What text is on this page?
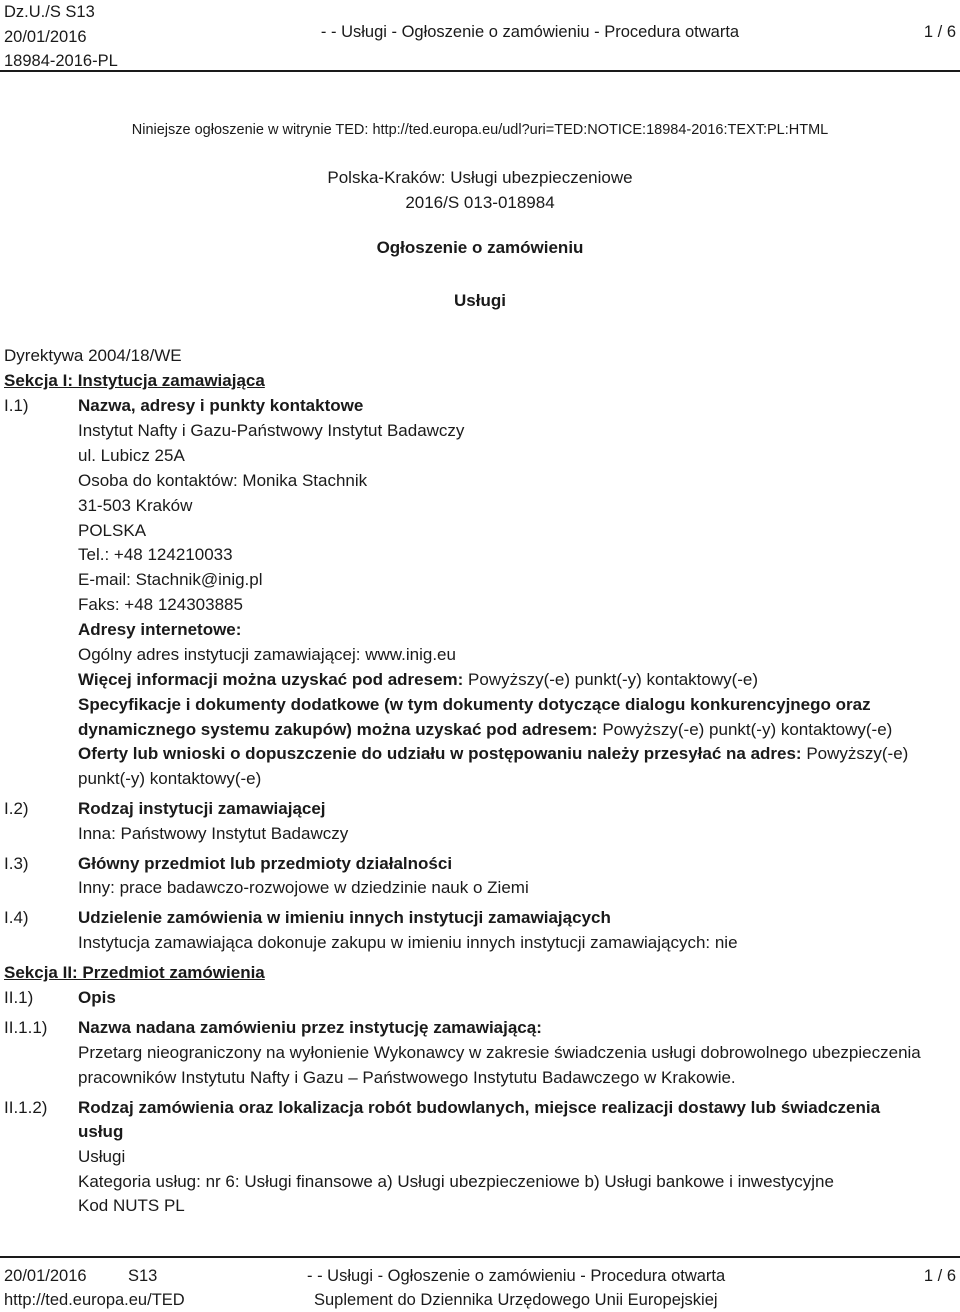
Dz.U./S S13
20/01/2016
18984-2016-PL
- - Usługi - Ogłoszenie o zamówieniu - Procedura otwarta	1 / 6
Niniejsze ogłoszenie w witrynie TED: http://ted.europa.eu/udl?uri=TED:NOTICE:18984-2016:TEXT:PL:HTML
Polska-Kraków: Usługi ubezpieczeniowe
2016/S 013-018984
Ogłoszenie o zamówieniu
Usługi
Dyrektywa 2004/18/WE
Sekcja I: Instytucja zamawiająca
I.1)	Nazwa, adresy i punkty kontaktowe
Instytut Nafty i Gazu-Państwowy Instytut Badawczy
ul. Lubicz 25A
Osoba do kontaktów: Monika Stachnik
31-503 Kraków
POLSKA
Tel.: +48 124210033
E-mail: Stachnik@inig.pl
Faks: +48 124303885
Adresy internetowe:
Ogólny adres instytucji zamawiającej: www.inig.eu
Więcej informacji można uzyskać pod adresem: Powyższy(-e) punkt(-y) kontaktowy(-e)
Specyfikacje i dokumenty dodatkowe (w tym dokumenty dotyczące dialogu konkurencyjnego oraz
dynamicznego systemu zakupów) można uzyskać pod adresem: Powyższy(-e) punkt(-y) kontaktowy(-e)
Oferty lub wnioski o dopuszczenie do udziału w postępowaniu należy przesyłać na adres: Powyższy(-e)
punkt(-y) kontaktowy(-e)
I.2)	Rodzaj instytucji zamawiającej
Inna: Państwowy Instytut Badawczy
I.3)	Główny przedmiot lub przedmioty działalności
Inny: prace badawczo-rozwojowe w dziedzinie nauk o Ziemi
I.4)	Udzielenie zamówienia w imieniu innych instytucji zamawiających
Instytucja zamawiająca dokonuje zakupu w imieniu innych instytucji zamawiających: nie
Sekcja II: Przedmiot zamówienia
II.1)	Opis
II.1.1) Nazwa nadana zamówieniu przez instytucję zamawiającą:
Przetarg nieograniczony na wyłonienie Wykonawcy w zakresie świadczenia usługi dobrowolnego ubezpieczenia
pracowników Instytutu Nafty i Gazu – Państwowego Instytutu Badawczego w Krakowie.
II.1.2) Rodzaj zamówienia oraz lokalizacja robót budowlanych, miejsce realizacji dostawy lub świadczenia
usług
Usługi
Kategoria usług: nr 6: Usługi finansowe a) Usługi ubezpieczeniowe b) Usługi bankowe i inwestycyjne
Kod NUTS PL
20/01/2016	S13
http://ted.europa.eu/TED
- - Usługi - Ogłoszenie o zamówieniu - Procedura otwarta
Suplement do Dziennika Urzędowego Unii Europejskiej
1 / 6
